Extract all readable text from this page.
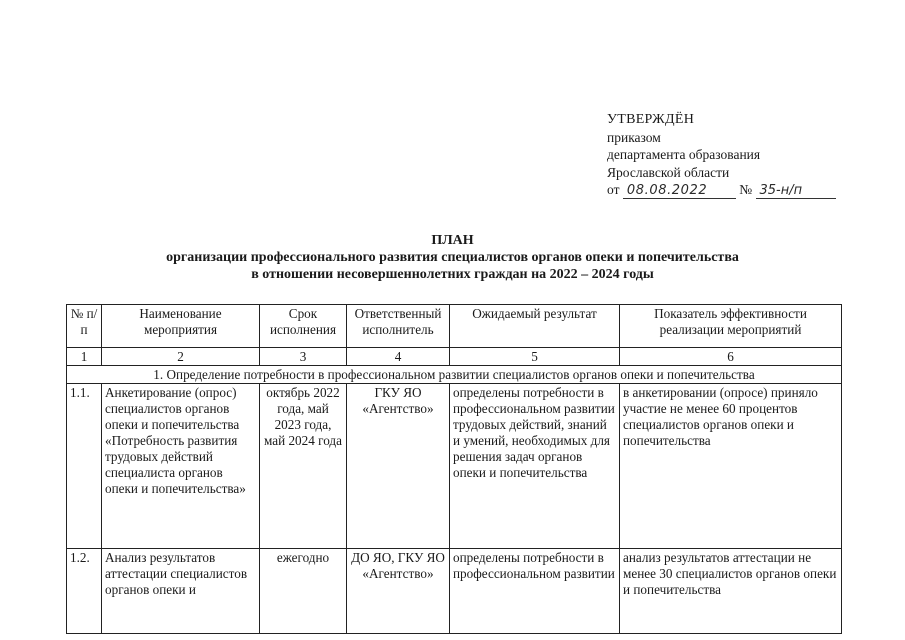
УТВЕРЖДЁН
приказом
департамента образования
Ярославской области
от 08.08.2022 № 35-н/п
ПЛАН
организации профессионального развития специалистов органов опеки и попечительства
в отношении несовершеннолетних граждан на 2022 – 2024 годы
№ п/п	Наименование мероприятия	Срок исполнения	Ответственный исполнитель	Ожидаемый результат	Показатель эффективности реализации мероприятий
1	2	3	4	5	6
1. Определение потребности в профессиональном развитии специалистов органов опеки и попечительства					
1.1.	Анкетирование (опрос) специалистов органов опеки и попечительства «Потребность развития трудовых действий специалиста органов опеки и попечительства»	октябрь 2022 года, май 2023 года, май 2024 года	ГКУ ЯО «Агентство»	определены потребности в профессиональном развитии трудовых действий, знаний и умений, необходимых для решения задач органов опеки и попечительства	в анкетировании (опросе) приняло участие не менее 60 процентов специалистов органов опеки и попечительства
1.2.	Анализ результатов аттестации специалистов органов опеки и	ежегодно	ДО ЯО, ГКУ ЯО «Агентство»	определены потребности в профессиональном развитии	анализ результатов аттестации не менее 30 специалистов органов опеки и попечительства
